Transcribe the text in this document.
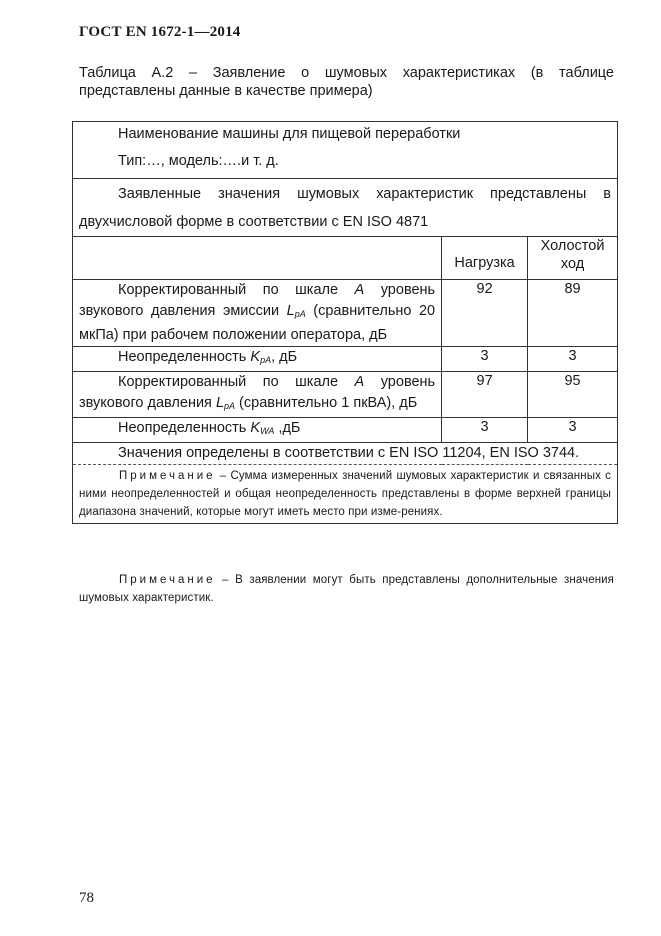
ГОСТ EN 1672-1—2014
Таблица А.2 – Заявление о шумовых характеристиках (в таблице представлены данные в качестве примера)
Наименование машины для пищевой переработки
Тип:…, модель:….и т. д.		

Заявленные значения шумовых характеристик представлены в двухчисловой форме в соответствии с EN ISO 4871		
	Нагрузка	Холостой ход
Корректированный по шкале A уровень звукового давления эмиссии $L_{pA}$ (сравнительно 20 мкПа) при рабочем положении оператора, дБ	92	89
Неопределенность $K_{pA}$, дБ	3	3
Корректированный по шкале A уровень звукового давления $L_{pA}$ (сравнительно 1 пкВА), дБ	97	95
Неопределенность $K_{WA}$ ,дБ	3	3

Значения определены в соответствии с EN ISO 11204, EN ISO 3744.		

Примечание – Сумма измеренных значений шумовых характеристик и связанных с ними неопределенностей и общая неопределенность представлены в форме верхней границы диапазона значений, которые могут иметь место при изме-рениях.		
Примечание – В заявлении могут быть представлены дополнительные значения шумовых характеристик.
78
